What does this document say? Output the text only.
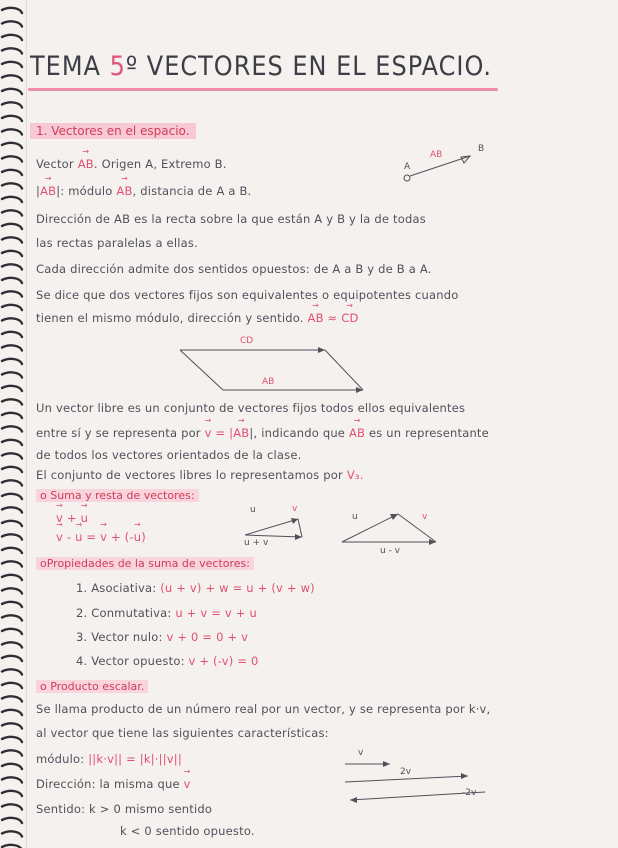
TEMA 5º VECTORES EN EL ESPACIO.
1. Vectores en el espacio.
Vector → AB. Origen A, Extremo B.	A
AB
B
|→ AB|: módulo → AB, distancia de A a B.
Dirección de AB es la recta sobre la que están A y B y la de todas
las rectas paralelas a ellas.
Cada dirección admite dos sentidos opuestos: de A a B y de B a A.
Se dice que dos vectores fijos son equivalentes o equipotentes cuando
tienen el mismo módulo, dirección y sentido. → AB ≈ → CD
CD
AB
Un vector libre es un conjunto de vectores fijos todos ellos equivalentes
entre sí y se representa por → v = |→ AB|, indicando que → AB es un representante
de todos los vectores orientados de la clase.
El conjunto de vectores libres lo representamos por V₃.
o Suma y resta de vectores:
→ v + → u
→ v - → u = → v + (-→ u)
u	v
u + v
u	v
u - v
oPropiedades de la suma de vectores:
1. Asociativa: (u + v) + w = u + (v + w)
2. Conmutativa: u + v = v + u
3. Vector nulo: v + 0 = 0 + v
4. Vector opuesto: v + (-v) = 0
o Producto escalar.
Se llama producto de un número real por un vector, y se representa por k·v,
al vector que tiene las siguientes características:
módulo: ||k·v|| = |k|·||v||
Dirección: la misma que → v
Sentido: k > 0 mismo sentido
k < 0 sentido opuesto.
v
2v
-2v
